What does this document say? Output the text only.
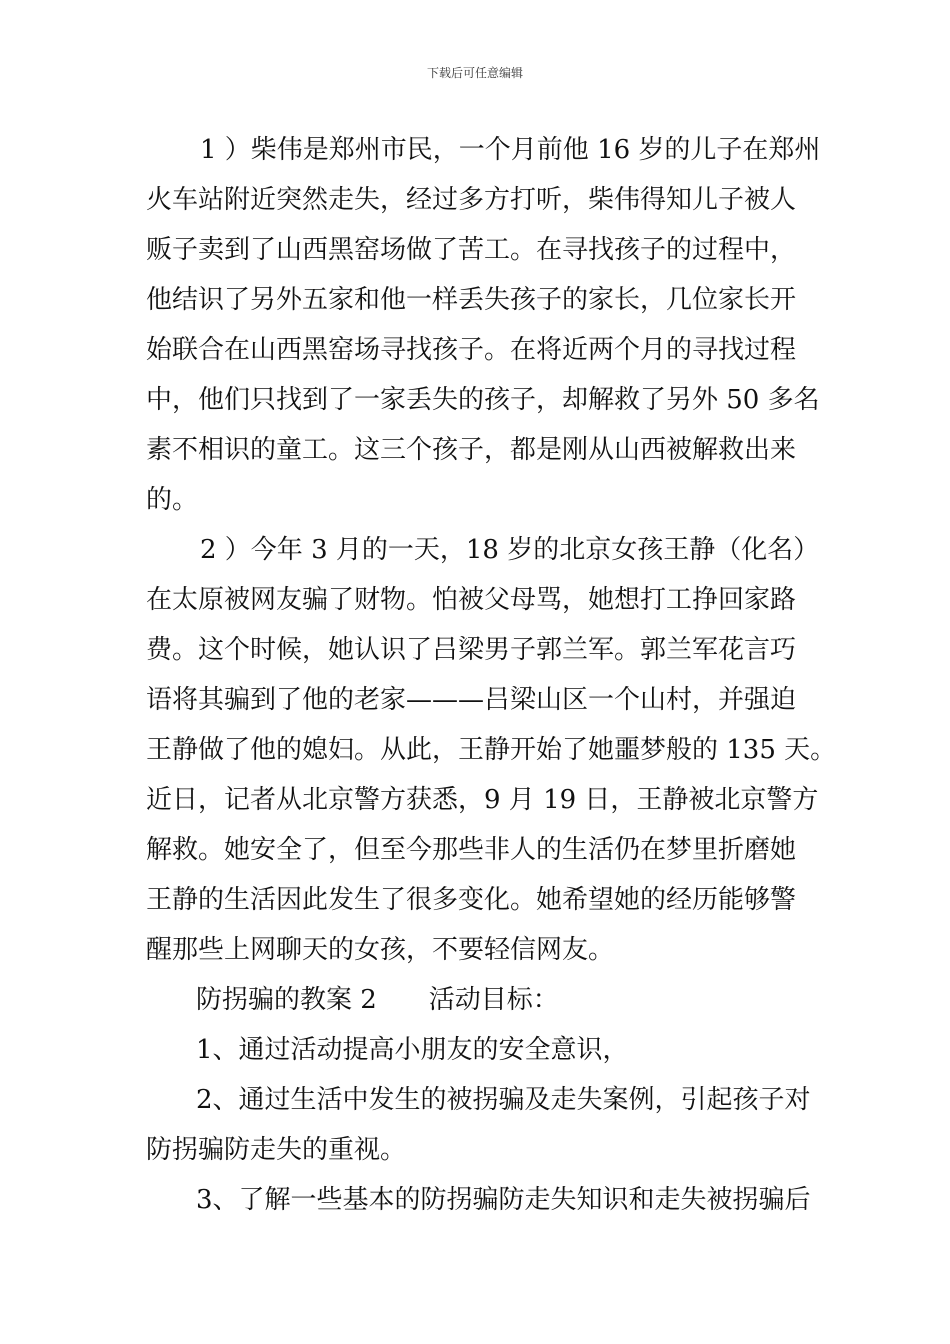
下载后可任意编辑
1 ）柴伟是郑州市民，一个月前他 16 岁的儿子在郑州
火车站附近突然走失，经过多方打听，柴伟得知儿子被人
贩子卖到了山西黑窑场做了苦工。在寻找孩子的过程中，
他结识了另外五家和他一样丢失孩子的家长，几位家长开
始联合在山西黑窑场寻找孩子。在将近两个月的寻找过程
中，他们只找到了一家丢失的孩子，却解救了另外 50 多名
素不相识的童工。这三个孩子，都是刚从山西被解救出来
的。
2 ）今年 3 月的一天，18 岁的北京女孩王静（化名）
在太原被网友骗了财物。怕被父母骂，她想打工挣回家路
费。这个时候，她认识了吕梁男子郭兰军。郭兰军花言巧
语将其骗到了他的老家———吕梁山区一个山村，并强迫
王静做了他的媳妇。从此，王静开始了她噩梦般的 135 天。
近日，记者从北京警方获悉，9 月 19 日，王静被北京警方
解救。她安全了，但至今那些非人的生活仍在梦里折磨她
王静的生活因此发生了很多变化。她希望她的经历能够警
醒那些上网聊天的女孩，不要轻信网友。
防拐骗的教案 2　　活动目标：
1、通过活动提高小朋友的安全意识，
2、通过生活中发生的被拐骗及走失案例，引起孩子对
防拐骗防走失的重视。
3、了解一些基本的防拐骗防走失知识和走失被拐骗后
